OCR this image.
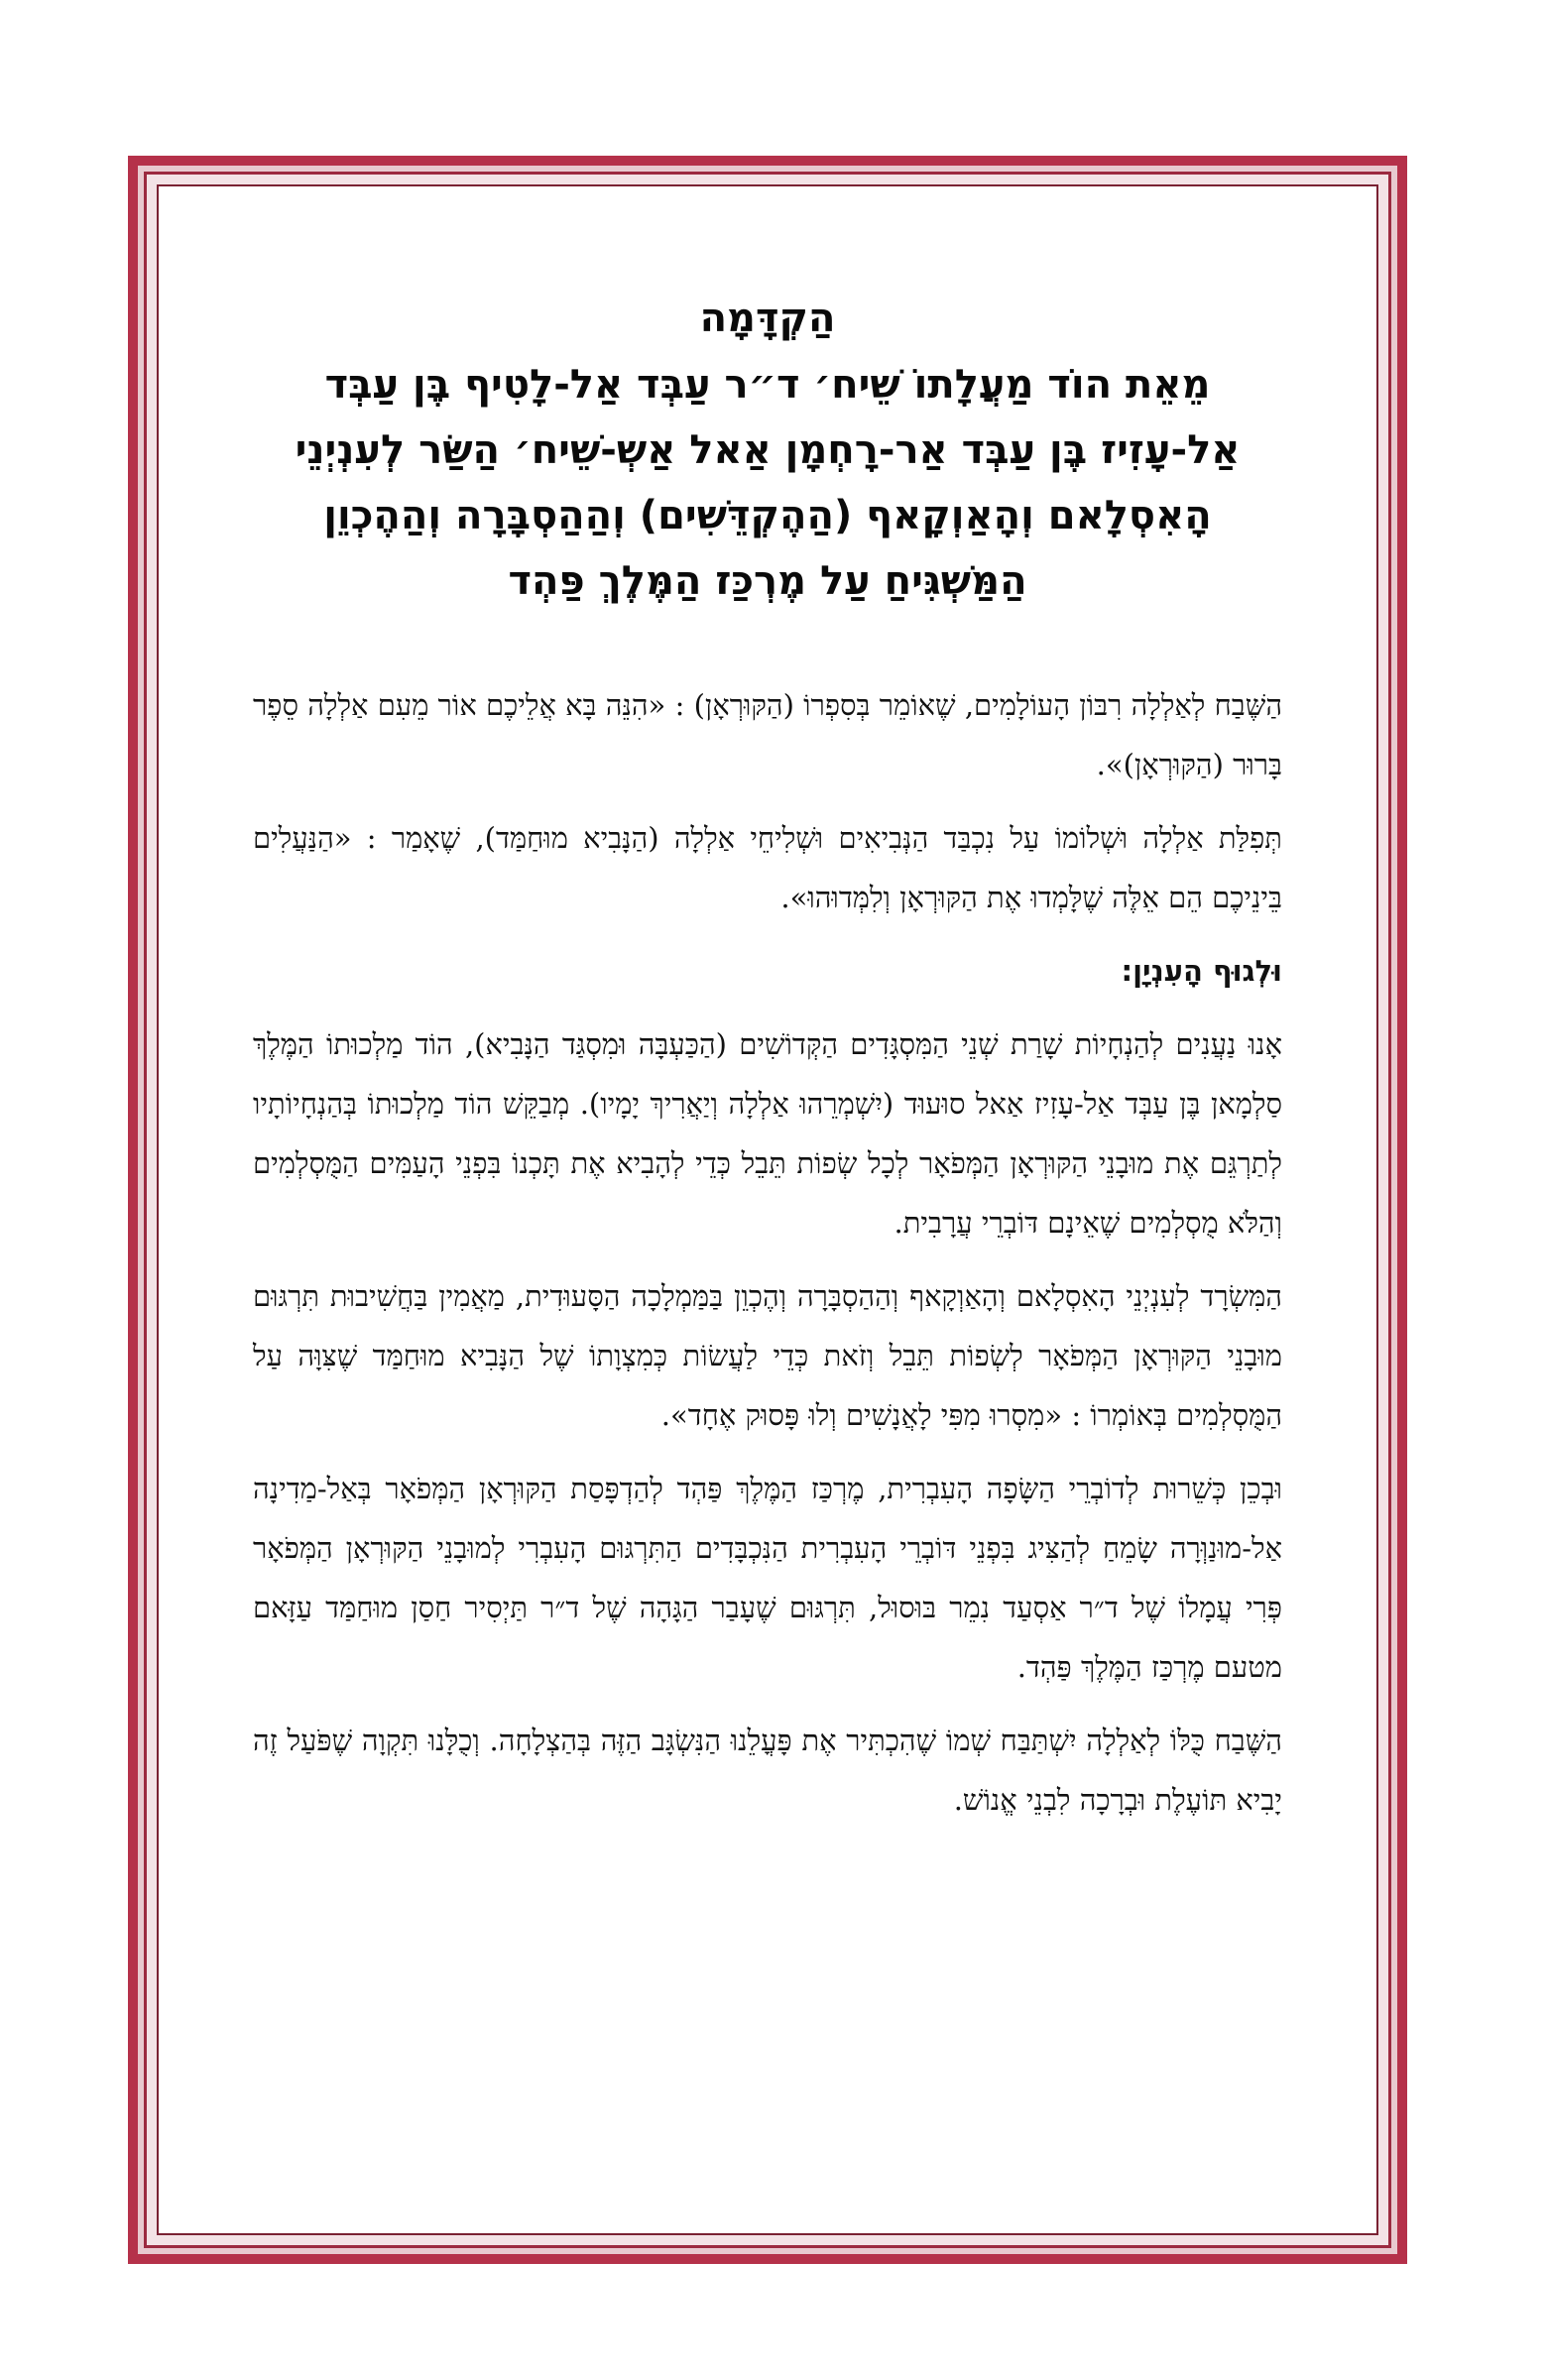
הַקְדָּמָה
מֵאֵת הוֹד מַעֲלָתוֹ שֵׁיח׳ ד״ר עַבְּד אַל-לָטִיף בֶּן עַבְּד
אַל-עָזִיז בֶּן עַבְּד אַר-רָחְמָן אַאל אַשְ-שֵׁיח׳ הַשַּׂר לְעִנְיְנֵי
הָאִסְלָאם וְהָאַוְקָאף (הַהֶקְדֵּשִׁים) וְהַהַסְבָּרָה וְהַהֶכְוֵן
הַמַּשְׁגִּיחַ עַל מֶרְכַּז הַמֶּלֶךְ פַּהְד

הַשֶּׁבַח לְאַלְלָה רִבּוֹן הָעוֹלָמִים, שֶׁאוֹמֵר בְּסִפְרוֹ (הַקּוּרְאָן) : «הִנֵּה בָּא אֲלֵיכֶם אוֹר מֵעִם אַלְלָה סֵפֶר בָּרוּר (הַקּוּרְאָן)».

תְּפִלַּת אַלְלָה וּשְׁלוֹמוֹ עַל נִכְבַּד הַנְּבִיאִים וּשְׁלִיחֵי אַלְלָה (הַנָּבִיא מוּחַמַּד), שֶׁאָמַר : «הַנַּעֲלִים בֵּינֵיכֶם הֵם אֵלֶּה שֶׁלָּמְדוּ אֶת הַקּוּרְאָן וְלִמְּדוּהוּ».

וּלְגוּף הָעִנְיָן:

אָנוּ נַעֲנִים לְהַנְחָיוֹת שָׁרַת שְׁנֵי הַמִּסְגָּדִים הַקְּדוֹשִׁים (הַכַּעְבָּה וּמִסְגַּד הַנָּבִיא), הוֹד מַלְכוּתוֹ הַמֶּלֶךְ סַלְמָאן בֶּן עַבְּד אַל-עָזִיז אַאל סוּעוּד (יִשְׁמְרֵהוּ אַלְלָה וְיַאֲרִיךְ יָמָיו). מְבַקֵּשׁ הוֹד מַלְכוּתוֹ בְּהַנְחָיוֹתָיו לְתַרְגֵּם אֶת מוּבָנֵי הַקּוּרְאָן הַמְּפֹאָר לְכָל שְׂפוֹת תֵּבֵל כְּדֵי לְהָבִיא אֶת תָּכְנוֹ בִּפְנֵי הָעַמִּים הַמֻּסְלְמִים וְהַלֹּא מֻסְלְמִים שֶׁאֵינָם דּוֹבְרֵי עֲרָבִית.

הַמִּשְׂרָד לְעִנְיְנֵי הָאִסְלָאם וְהָאַוְקָאף וְהַהַסְבָּרָה וְהֶכְוֵן בַּמַּמְלָכָה הַסָּעוּדִית, מַאֲמִין בַּחֲשִׁיבוּת תִּרְגּוּם מוּבָנֵי הַקּוּרְאָן הַמְּפֹאָר לְשְׂפוֹת תֵּבֵל וְזֹאת כְּדֵי לַעֲשׂוֹת כְּמִצְוָתוֹ שֶׁל הַנָּבִיא מוּחַמַּד שֶׁצִּוָּה עַל הַמֻּסְלְמִים בְּאוֹמְרוֹ : «מִסְרוּ מִפִּי לָאֲנָשִׁים וְלוּ פָּסוּק אֶחָד».

וּבְכֵן כְּשֵׁרוּת לְדוֹבְרֵי הַשָּׂפָה הָעִבְרִית, מֶרְכַּז הַמֶּלֶךְ פַּהְד לְהַדְפָּסַת הַקּוּרְאָן הַמְּפֹאָר בְּאַל-מַדִינָה אַל-מוּנַוְּרָה שָׂמֵחַ לְהַצִּיג בִּפְנֵי דּוֹבְרֵי הָעִבְרִית הַנִּכְבָּדִים הַתִּרְגּוּם הָעִבְרִי לְמוּבָנֵי הַקּוּרְאָן הַמְּפֹאָר פְּרִי עֲמָלוֹ שֶׁל ד״ר אַסְעַד נִמֵר בּוּסוּל, תִּרְגּוּם שֶׁעָבַר הַגָּהָה שֶׁל ד״ר תַּיְסִיר חַסַן מוּחַמַּד עַזָּאם מטעם מֶרְכַּז הַמֶּלֶךְ פַּהְד.

הַשֶּׁבַח כֻּלּוֹ לְאַלְלָה יִשְׁתַּבַּח שְׁמוֹ שֶׁהִכְתִּיר אֶת פָּעֳלֵנוּ הַנִּשְׂגָּב הַזֶּה בְּהַצְלָחָה. וְכֻלָּנוּ תִּקְוָה שֶׁפֹּעַל זֶה יָבִיא תּוֹעֶלֶת וּבְרָכָה לִבְנֵי אֱנוֹשׁ.
